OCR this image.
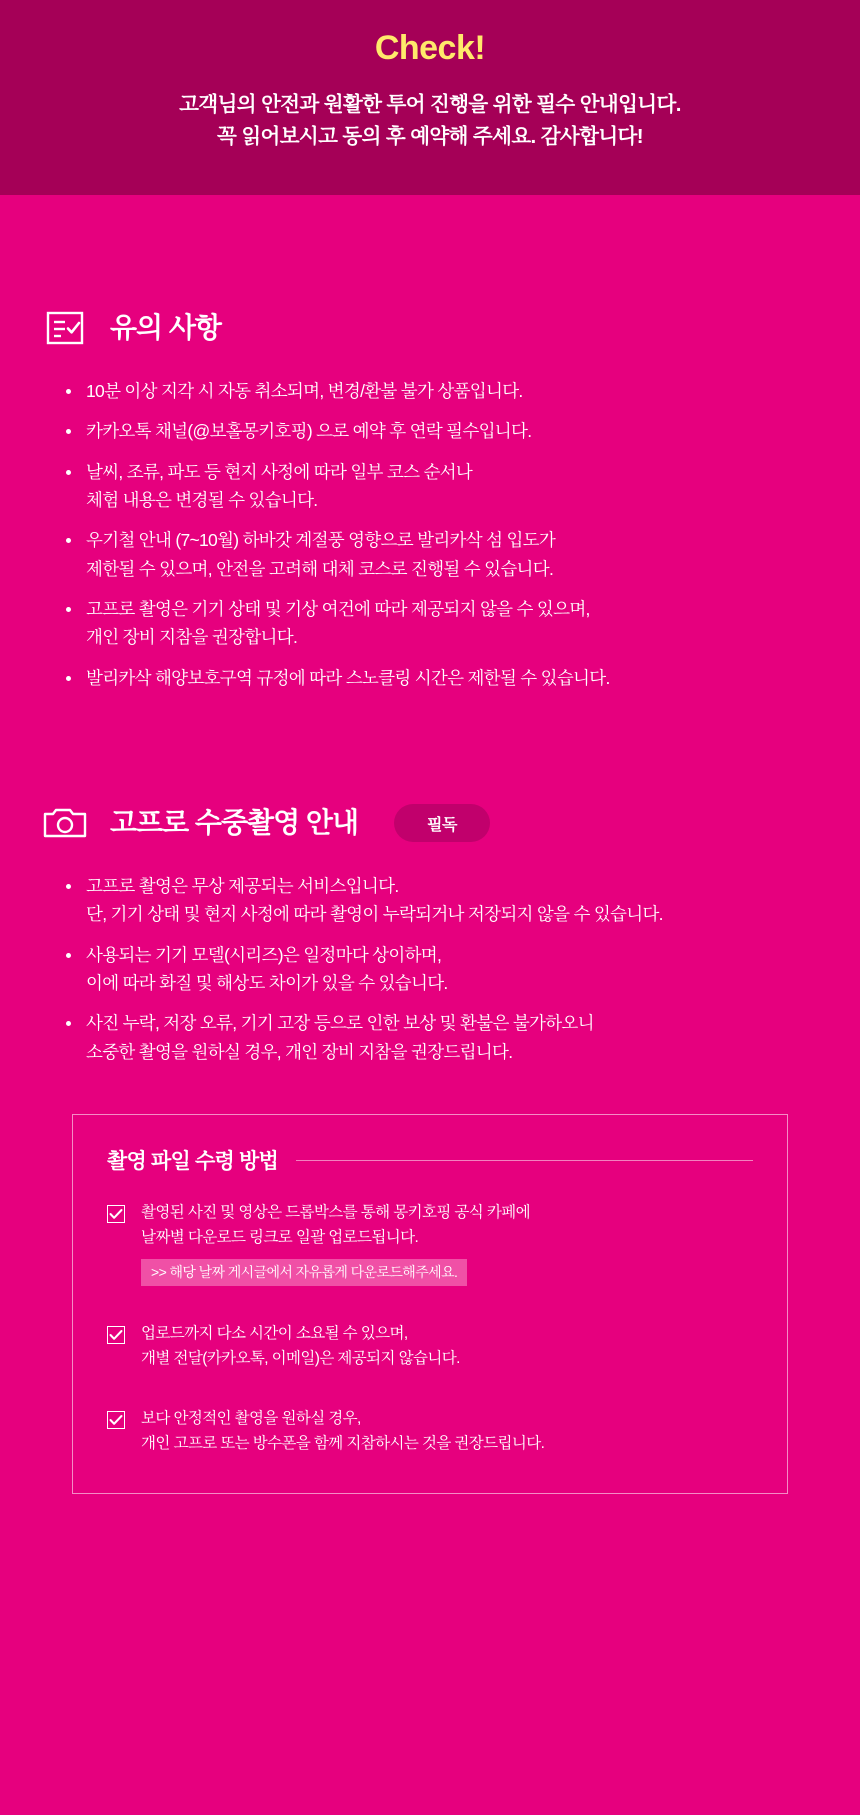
Check!
고객님의 안전과 원활한 투어 진행을 위한 필수 안내입니다.
꼭 읽어보시고 동의 후 예약해 주세요. 감사합니다!
유의 사항
10분 이상 지각 시 자동 취소되며, 변경/환불 불가 상품입니다.
카카오톡 채널(@보홀몽키호핑) 으로 예약 후 연락 필수입니다.
날씨, 조류, 파도 등 현지 사정에 따라 일부 코스 순서나
체험 내용은 변경될 수 있습니다.
우기철 안내 (7~10월) 하바갓 계절풍 영향으로 발리카삭 섬 입도가
제한될 수 있으며, 안전을 고려해 대체 코스로 진행될 수 있습니다.
고프로 촬영은 기기 상태 및 기상 여건에 따라 제공되지 않을 수 있으며,
개인 장비 지참을 권장합니다.
발리카삭 해양보호구역 규정에 따라 스노클링 시간은 제한될 수 있습니다.
고프로 수중촬영 안내	필독
고프로 촬영은 무상 제공되는 서비스입니다.
단, 기기 상태 및 현지 사정에 따라 촬영이 누락되거나 저장되지 않을 수 있습니다.
사용되는 기기 모델(시리즈)은 일정마다 상이하며,
이에 따라 화질 및 해상도 차이가 있을 수 있습니다.
사진 누락, 저장 오류, 기기 고장 등으로 인한 보상 및 환불은 불가하오니
소중한 촬영을 원하실 경우, 개인 장비 지참을 권장드립니다.
촬영 파일 수령 방법
촬영된 사진 및 영상은 드롭박스를 통해 몽키호핑 공식 카페에
날짜별 다운로드 링크로 일괄 업로드됩니다.
>> 해당 날짜 게시글에서 자유롭게 다운로드해주세요.
업로드까지 다소 시간이 소요될 수 있으며,
개별 전달(카카오톡, 이메일)은 제공되지 않습니다.
보다 안정적인 촬영을 원하실 경우,
개인 고프로 또는 방수폰을 함께 지참하시는 것을 권장드립니다.
